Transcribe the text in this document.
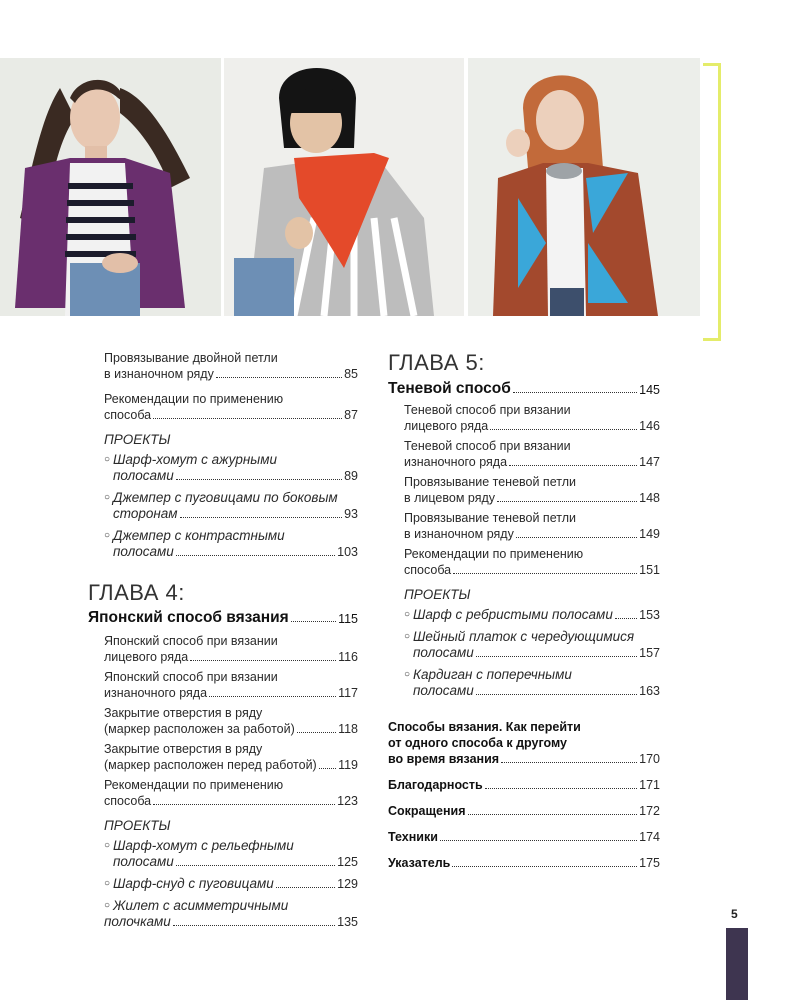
Провязывание двойной петли
в изнаночном ряду	85
Рекомендации по применению
способа	87
ПРОЕКТЫ
○ Шарф-хомут с ажурными
полосами	89
○ Джемпер с пуговицами по боковым
сторонам	93
○ Джемпер с контрастными
полосами	103
ГЛАВА 4:
Японский способ вязания	115
Японский способ при вязании
лицевого ряда	116
Японский способ при вязании
изнаночного ряда	117
Закрытие отверстия в ряду
(маркер расположен за работой)	118
Закрытие отверстия в ряду
(маркер расположен перед работой) 119
Рекомендации по применению
способа	123
ПРОЕКТЫ
○ Шарф-хомут с рельефными
полосами	125
○ Шарф-снуд с пуговицами	129
○ Жилет с асимметричными
полочками	135
ГЛАВА 5:
Теневой способ	145
Теневой способ при вязании
лицевого ряда	146
Теневой способ при вязании
изнаночного ряда	147
Провязывание теневой петли
в лицевом ряду	148
Провязывание теневой петли
в изнаночном ряду	149
Рекомендации по применению
способа	151
ПРОЕКТЫ
○ Шарф с ребристыми полосами 153
○ Шейный платок с чередующимися
полосами	157
○ Кардиган с поперечными
полосами	163
Способы вязания. Как перейти
от одного способа к другому
во время вязания	170
Благодарность	171
Сокращения	172
Техники	174
Указатель	175
5
